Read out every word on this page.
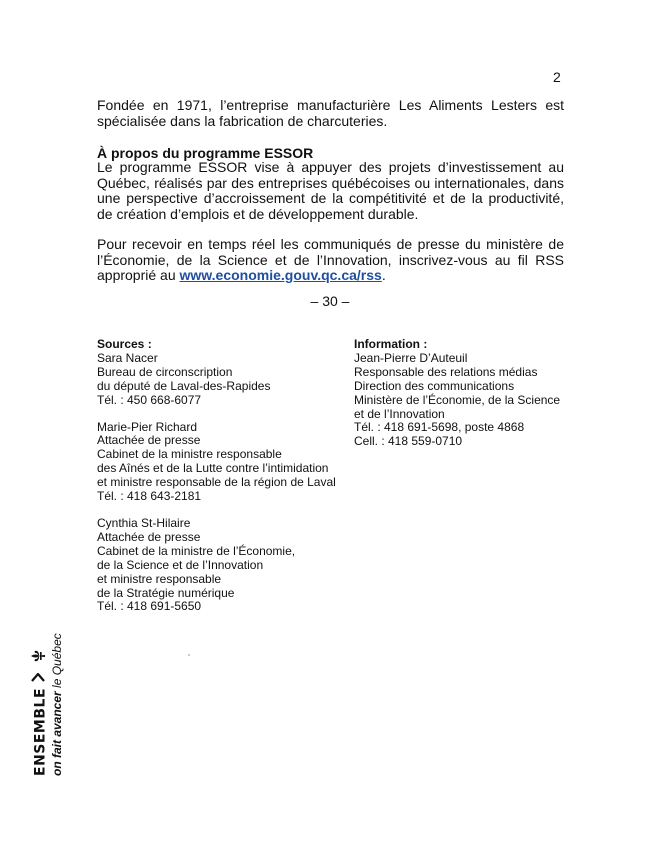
2

Fondée en 1971, l’entreprise manufacturière Les Aliments Lesters est spécialisée dans la fabrication de charcuteries.

À propos du programme ESSOR

Le programme ESSOR vise à appuyer des projets d’investissement au Québec, réalisés par des entreprises québécoises ou internationales, dans une perspective d’accroissement de la compétitivité et de la productivité, de création d’emplois et de développement durable.

Pour recevoir en temps réel les communiqués de presse du ministère de l’Économie, de la Science et de l’Innovation, inscrivez-vous au fil RSS approprié au www.economie.gouv.qc.ca/rss.

– 30 –
Sources :
Sara Nacer
Bureau de circonscription
du député de Laval-des-Rapides
Tél. : 450 668-6077
Marie-Pier Richard
Attachée de presse
Cabinet de la ministre responsable
des Aînés et de la Lutte contre l’intimidation
et ministre responsable de la région de Laval
Tél. : 418 643-2181
Cynthia St-Hilaire
Attachée de presse
Cabinet de la ministre de l’Économie,
de la Science et de l’Innovation
et ministre responsable
de la Stratégie numérique
Tél. : 418 691-5650
Information :
Jean-Pierre D’Auteuil
Responsable des relations médias
Direction des communications
Ministère de l’Économie, de la Science
et de l’Innovation
Tél. : 418 691-5698, poste 4868
Cell. : 418 559-0710
ENSEMBLE on fait avancer le Québec
